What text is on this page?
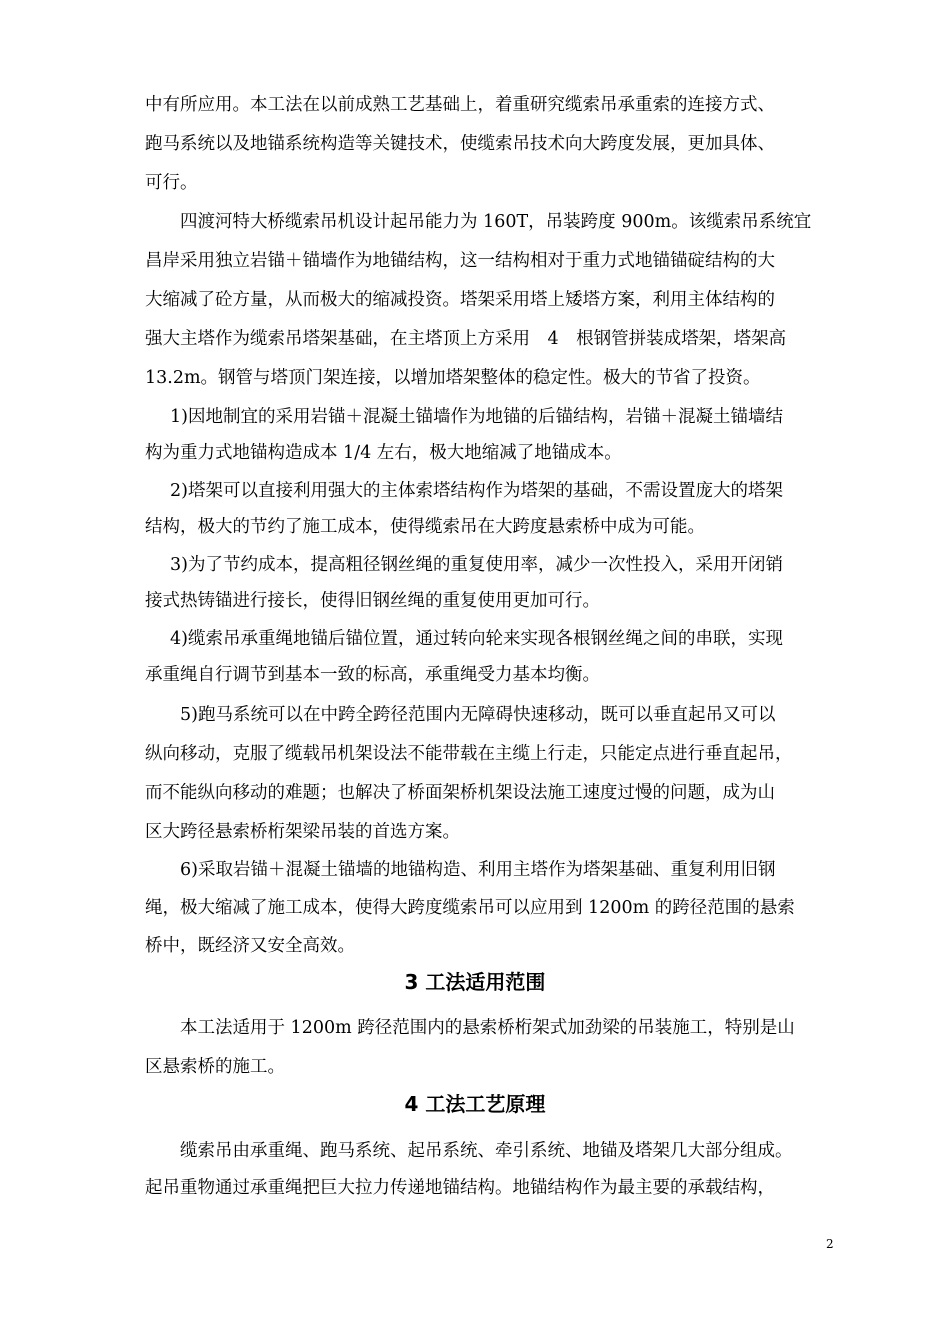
中有所应用。本工法在以前成熟工艺基础上，着重研究缆索吊承重索的连接方式、
跑马系统以及地锚系统构造等关键技术，使缆索吊技术向大跨度发展，更加具体、
可行。
四渡河特大桥缆索吊机设计起吊能力为 160T，吊装跨度 900m。该缆索吊系统宜
昌岸采用独立岩锚＋锚墙作为地锚结构，这一结构相对于重力式地锚锚碇结构的大
大缩减了砼方量，从而极大的缩减投资。塔架采用塔上矮塔方案，利用主体结构的
强大主塔作为缆索吊塔架基础，在主塔顶上方采用　4　根钢管拼装成塔架，塔架高
13.2m。钢管与塔顶门架连接，以增加塔架整体的稳定性。极大的节省了投资。
1)因地制宜的采用岩锚＋混凝土锚墙作为地锚的后锚结构，岩锚＋混凝土锚墙结
构为重力式地锚构造成本 1/4 左右，极大地缩减了地锚成本。
2)塔架可以直接利用强大的主体索塔结构作为塔架的基础，不需设置庞大的塔架
结构，极大的节约了施工成本，使得缆索吊在大跨度悬索桥中成为可能。
3)为了节约成本，提高粗径钢丝绳的重复使用率，减少一次性投入，采用开闭销
接式热铸锚进行接长，使得旧钢丝绳的重复使用更加可行。
4)缆索吊承重绳地锚后锚位置，通过转向轮来实现各根钢丝绳之间的串联，实现
承重绳自行调节到基本一致的标高，承重绳受力基本均衡。
5)跑马系统可以在中跨全跨径范围内无障碍快速移动，既可以垂直起吊又可以
纵向移动，克服了缆载吊机架设法不能带载在主缆上行走，只能定点进行垂直起吊，
而不能纵向移动的难题；也解决了桥面架桥机架设法施工速度过慢的问题，成为山
区大跨径悬索桥桁架梁吊装的首选方案。
6)采取岩锚＋混凝土锚墙的地锚构造、利用主塔作为塔架基础、重复利用旧钢
绳，极大缩减了施工成本，使得大跨度缆索吊可以应用到 1200m 的跨径范围的悬索
桥中，既经济又安全高效。
3 工法适用范围
本工法适用于 1200m 跨径范围内的悬索桥桁架式加劲梁的吊装施工，特别是山
区悬索桥的施工。
4 工法工艺原理
缆索吊由承重绳、跑马系统、起吊系统、牵引系统、地锚及塔架几大部分组成。
起吊重物通过承重绳把巨大拉力传递地锚结构。地锚结构作为最主要的承载结构，
2
